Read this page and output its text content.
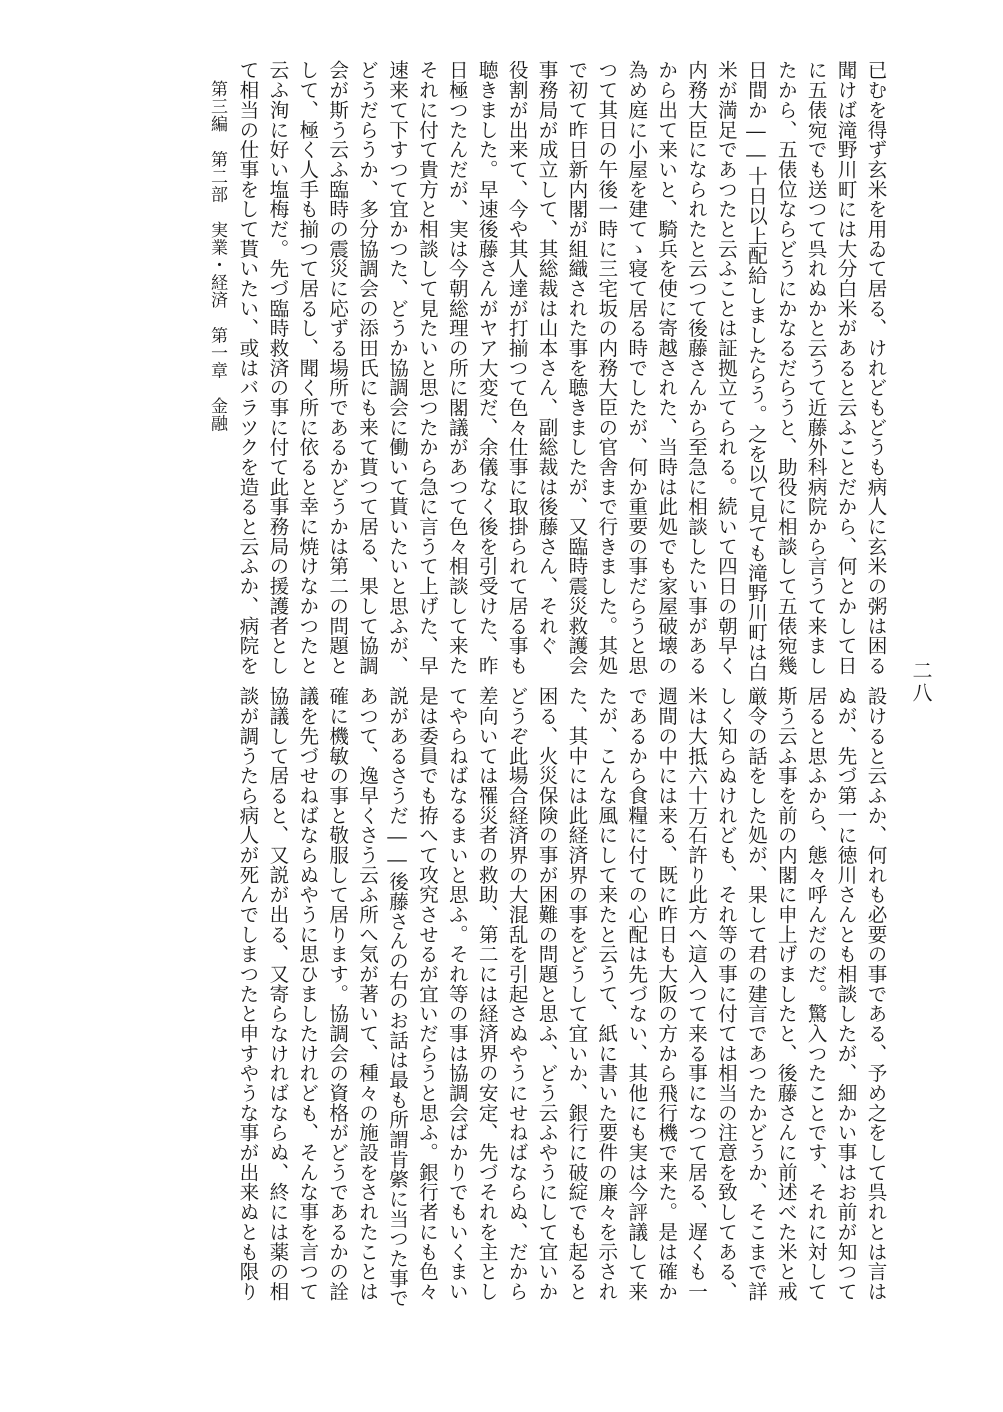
第三編　第二部　実業・経済　第一章　金融
二八
已むを得ず玄米を用ゐて居る、けれどもどうも病人に玄米の粥は困る
聞けば滝野川町には大分白米があると云ふことだから、何とかして日
に五俵宛でも送つて呉れぬかと云うて近藤外科病院から言うて来まし
たから、五俵位ならどうにかなるだらうと、助役に相談して五俵宛幾
日間か――十日以上配給しましたらう。之を以て見ても滝野川町は白
米が満足であつたと云ふことは証拠立てられる。続いて四日の朝早く
内務大臣になられたと云つて後藤さんから至急に相談したい事がある
から出て来いと、騎兵を使に寄越された、当時は此処でも家屋破壊の
為め庭に小屋を建てゝ寝て居る時でしたが、何か重要の事だらうと思
つて其日の午後一時に三宅坂の内務大臣の官舎まで行きました。其処
で初て昨日新内閣が組織された事を聴きましたが、又臨時震災救護会
事務局が成立して、其総裁は山本さん、副総裁は後藤さん、それぐ
役割が出来て、今や其人達が打揃つて色々仕事に取掛られて居る事も
聴きました。早速後藤さんがヤア大変だ、余儀なく後を引受けた、昨
日極つたんだが、実は今朝総理の所に閣議があつて色々相談して来た
それに付て貴方と相談して見たいと思つたから急に言うて上げた、早
速来て下すつて宜かつた、どうか協調会に働いて貰いたいと思ふが、
どうだらうか、多分協調会の添田氏にも来て貰つて居る、果して協調
会が斯う云ふ臨時の震災に応ずる場所であるかどうかは第二の問題と
して、極く人手も揃つて居るし、聞く所に依ると幸に焼けなかつたと
云ふ洵に好い塩梅だ。先づ臨時救済の事に付て此事務局の援護者とし
て相当の仕事をして貰いたい、或はバラツクを造ると云ふか、病院を
設けると云ふか、何れも必要の事である、予め之をして呉れとは言は
ぬが、先づ第一に徳川さんとも相談したが、細かい事はお前が知つて
居ると思ふから、態々呼んだのだ。驚入つたことです、それに対して
斯う云ふ事を前の内閣に申上げましたと、後藤さんに前述べた米と戒
厳令の話をした処が、果して君の建言であつたかどうか、そこまで詳
しく知らぬけれども、それ等の事に付ては相当の注意を致してある、
米は大抵六十万石許り此方へ這入つて来る事になつて居る、遅くも一
週間の中には来る、既に昨日も大阪の方から飛行機で来た。是は確か
であるから食糧に付ての心配は先づない、其他にも実は今評議して来
たが、こんな風にして来たと云うて、紙に書いた要件の廉々を示され
た、其中には此経済界の事をどうして宜いか、銀行に破綻でも起ると
困る、火災保険の事が困難の問題と思ふ、どう云ふやうにして宜いか
どうぞ此場合経済界の大混乱を引起さぬやうにせねばならぬ、だから
差向いては罹災者の救助、第二には経済界の安定、先づそれを主とし
てやらねばなるまいと思ふ。それ等の事は協調会ばかりでもいくまい
是は委員でも拵へて攻究させるが宜いだらうと思ふ。銀行者にも色々
説があるさうだ――後藤さんの右のお話は最も所謂肯綮に当つた事で
あつて、逸早くさう云ふ所へ気が著いて、種々の施設をされたことは
確に機敏の事と敬服して居ります。協調会の資格がどうであるかの詮
議を先づせねばならぬやうに思ひましたけれども、そんな事を言つて
協議して居ると、又説が出る、又寄らなければならぬ、終には薬の相
談が調うたら病人が死んでしまつたと申すやうな事が出来ぬとも限り
